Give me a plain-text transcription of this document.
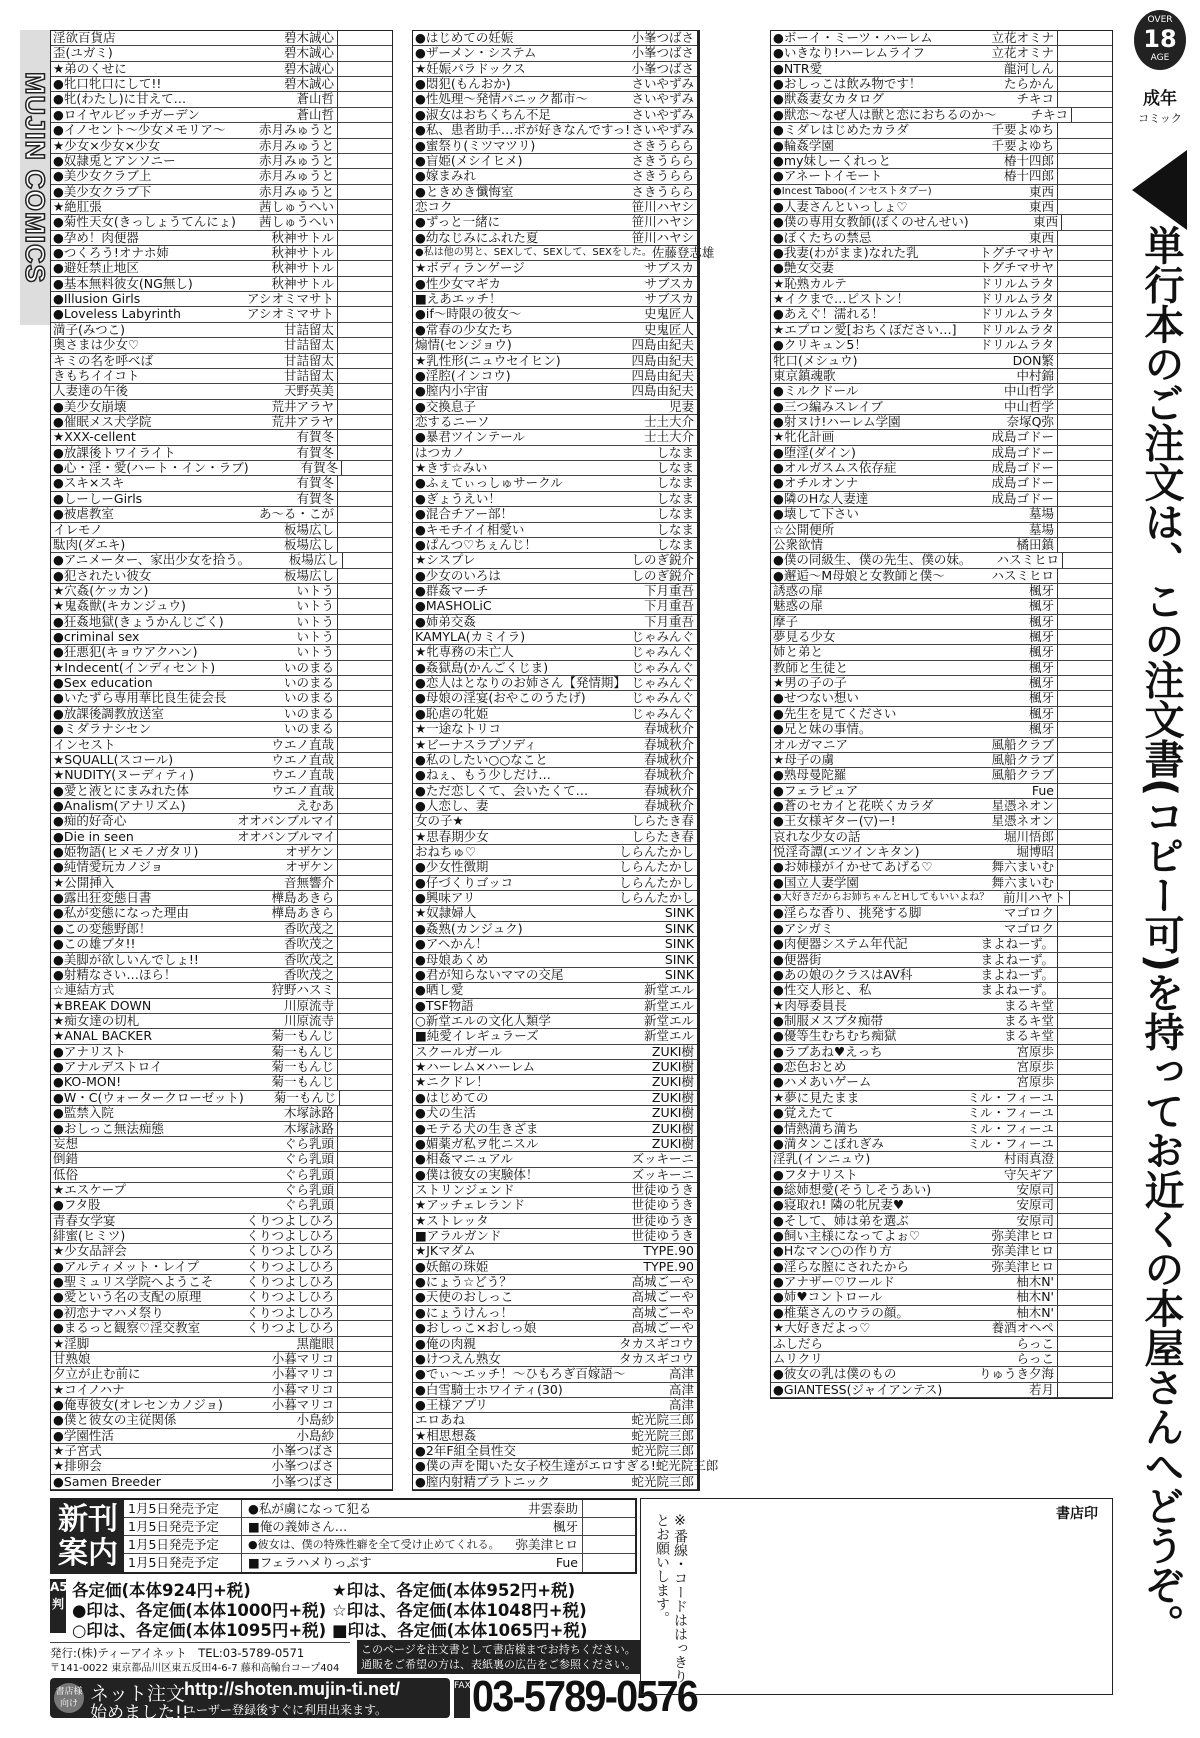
MUJIN COMICS
淫欲百貨店	碧木誠心
歪(ユガミ)	碧木誠心
★弟のくせに	碧木誠心
●牝口牝口にして!!	碧木誠心
●牝(わたし)に甘えて…	蒼山哲
●ロイヤルビッチガーデン	蒼山哲
●イノセント～少女メモリア～	赤月みゅうと
★少女×少女×少女	赤月みゅうと
●奴隷兎とアンソニー	赤月みゅうと
●美少女クラブ上	赤月みゅうと
●美少女クラブ下	赤月みゅうと
★絶肛張	茜しゅうへい
●菊性天女(きっしょうてんにょ)	茜しゅうへい
●孕め！肉便器	秋神サトル
●つくろう!オナホ姉	秋神サトル
●避妊禁止地区	秋神サトル
●基本無料彼女(NG無し)	秋神サトル
●Illusion Girls	アシオミマサト
●Loveless Labyrinth	アシオミマサト
満子(みつこ)	甘詰留太
奥さまは少女♡	甘詰留太
キミの名を呼べば	甘詰留太
きもちイイコト	甘詰留太
人妻達の午後	天野英美
●美少女崩壊	荒井アラヤ
●催眠メス犬学院	荒井アラヤ
★XXX-cellent	有賀冬
●放課後トワイライト	有賀冬
●心・淫・愛(ハート・イン・ラブ)	有賀冬
●スキ×スキ	有賀冬
●しーしーGirls	有賀冬
●被虐教室	あ～る・こが
イレモノ	板場広し
駄肉(ダエキ)	板場広し
●アニメーター、家出少女を拾う。	板場広し
●犯されたい彼女	板場広し
★穴姦(ケッカン)	いトう
★鬼姦獣(キカンジュウ)	いトう
●狂姦地獄(きょうかんじごく)	いトう
●criminal sex	いトう
●狂悪犯(キョウアクハン)	いトう
★Indecent(インディセント)	いのまる
●Sex education	いのまる
●いたずら専用華比良生徒会長	いのまる
●放課後調教放送室	いのまる
●ミダラナシセン	いのまる
インセスト	ウエノ直哉
★SQUALL(スコール)	ウエノ直哉
★NUDITY(ヌーディティ)	ウエノ直哉
●愛と液とにまみれた体	ウエノ直哉
●Analism(アナリズム)	えむあ
●痴的好奇心	オオバンブルマイ
●Die in seen	オオバンブルマイ
●姫物語(ヒメモノガタリ)	オザケン
●純情愛玩カノジョ	オザケン
★公開挿入	音無響介
●露出狂変態日書	樺島あきら
●私が変態になった理由	樺島あきら
●この変態野郎！	香吹茂之
●この雄ブタ!!	香吹茂之
●美脚が欲しいんでしょ!!	香吹茂之
●射精なさい…ほら！	香吹茂之
☆連結方式	狩野ハスミ
★BREAK DOWN	川原流寺
★痴女達の切札	川原流寺
★ANAL BACKER	菊一もんじ
●アナリスト	菊一もんじ
●アナルデストロイ	菊一もんじ
●KO-MON!	菊一もんじ
●W・C(ウォータークローゼット)	菊一もんじ
●監禁入院	木塚詠路
●おしっこ無法痴態	木塚詠路
妄想	ぐら乳頭
倒錯	ぐら乳頭
低俗	ぐら乳頭
★エスケープ	ぐら乳頭
●フタ股	ぐら乳頭
青春女学宴	くりつよしひろ
緋蜜(ヒミツ)	くりつよしひろ
★少女品評会	くりつよしひろ
●アルティメット・レイプ	くりつよしひろ
●聖ミュリス学院へようこそ	くりつよしひろ
●愛という名の支配の原理	くりつよしひろ
●初恋ナマハメ祭り	くりつよしひろ
●まるっと観察♡淫交教室	くりつよしひろ
★淫脚	黒龍眼
甘熟娘	小暮マリコ
夕立が止む前に	小暮マリコ
★コイノハナ	小暮マリコ
●俺専彼女(オレセンカノジョ)	小暮マリコ
●僕と彼女の主従関係	小島紗
●学園性活	小島紗
★子宮式	小峯つばさ
★排卵会	小峯つばさ
●Samen Breeder	小峯つばさ
●はじめての妊娠	小峯つばさ
●ザーメン・システム	小峯つばさ
★妊娠パラドックス	小峯つばさ
●悶犯(もんおか)	さいやずみ
●性処理～発情パニック都市～	さいやずみ
●淑女はおちくちん不足	さいやずみ
●私、患者助手…ポが好きなんですっ! さいやずみ
●蜜祭り(ミツマツリ)	さきうらら
●盲姫(メシイヒメ)	さきうらら
●嫁まみれ	さきうらら
●ときめき懺悔室	さきうらら
恋コク	笹川ハヤシ
●ずっと一緒に	笹川ハヤシ
●幼なじみにふれた夏	笹川ハヤシ
●私は他の男と、SEXして、SEXして、SEXをした。 佐藤登志雄
★ボディランゲージ	サブスカ
●性少女マギカ	サブスカ
■えあエッチ！	サブスカ
●if～時限の彼女～	史鬼匠人
●常春の少女たち	史鬼匠人
煽情(センジョウ)	四島由紀夫
★乳性形(ニュウセイヒン)	四島由紀夫
●淫腔(インコウ)	四島由紀夫
●膣内小宇宙	四島由紀夫
●交換息子	児妻
恋するニーソ	士土大介
●暴君ツインテール	士土大介
はつカノ	しなま
★きす☆みい	しなま
●ふぇてぃっしゅサークル	しなま
●ぎょうえい！	しなま
●混合チアー部！	しなま
●キモチイイ相愛い	しなま
●ぱんつ♡ちぇんじ！	しなま
★シスプレ	しのぎ鋭介
●少女のいろは	しのぎ鋭介
●群姦マーチ	下月重吾
●MASHOLiC	下月重吾
●姉弟交姦	下月重吾
KAMYLA(カミイラ)	じゃみんぐ
★牝専務の未亡人	じゃみんぐ
●姦獄島(かんごくじま)	じゃみんぐ
●恋人はとなりのお姉さん【発情期】 じゃみんぐ
●母娘の淫宴(おやこのうたげ)	じゃみんぐ
●恥虐の牝姫	じゃみんぐ
★一途なトリコ	春城秋介
★ビーナスラプソディ	春城秋介
●私のしたい○○なこと	春城秋介
●ねぇ、もう少しだけ…	春城秋介
●ただ恋しくて、会いたくて…	春城秋介
●人恋し、妻	春城秋介
女の子★	しらたき春
★思春期少女	しらたき春
おねちゅ♡	しらんたかし
●少女性徴期	しらんたかし
●仔づくりゴッコ	しらんたかし
●興味アリ	しらんたかし
★奴隷婦人	SINK
●姦熟(カンジュク)	SINK
●アヘかん！	SINK
●母娘あくめ	SINK
●君が知らないママの交尾	SINK
●晒し愛	新堂エル
●TSF物語	新堂エル
○新堂エルの文化人類学	新堂エル
■純愛イレギュラーズ	新堂エル
スクールガール	ZUKI樹
★ハーレム×ハーレム	ZUKI樹
★ニクドレ！	ZUKI樹
●はじめての	ZUKI樹
●犬の生活	ZUKI樹
●モテる犬の生きざま	ZUKI樹
●媚薬ガ私ヲ牝ニスル	ZUKI樹
●相姦マニュアル	ズッキーニ
●僕は彼女の実験体！	ズッキーニ
ストリンジェンド	世徒ゆうき
★アッチェレランド	世徒ゆうき
★ストレッタ	世徒ゆうき
■アラルガンド	世徒ゆうき
★JKマダム	TYPE.90
●妖館の珠姫	TYPE.90
●にょう☆どう？	高城ごーや
●天使のおしっこ	高城ごーや
●にょうけんっ！	高城ごーや
●おしっこ×おしっ娘	高城ごーや
●俺の肉親	タカスギコウ
●けつえん熟女	タカスギコウ
●でぃ～エッチ！～ひもろぎ百嫁語～	高津
●白雪騎士ホワイティ(30)	高津
●王様アプリ	高津
エロあね	蛇光院三郎
★相思想姦	蛇光院三郎
●2年F組全員性交	蛇光院三郎
●僕の声を聞いた女子校生達がエロすぎる! 蛇光院三郎
●膣内射精プラトニック	蛇光院三郎
●ボーイ・ミーツ・ハーレム	立花オミナ
●いきなり!ハーレムライフ	立花オミナ
●NTR愛	龍河しん
●おしっこは飲み物です！	たらかん
●獣姦妻女カタログ	チキコ
●獣恋～なぜ人は獣と恋におちるのか～	チキコ
●ミダレはじめたカラダ	千要よゆち
●輪姦学園	千要よゆち
●my妹しーくれっと	椿十四郎
●アネートイモート	椿十四郎
●Incest Taboo(インセストタブー)	東西
●人妻さんといっしょ♡	東西
●僕の専用女教師(ぼくのせんせい)	東西
●ぼくたちの禁忌	東西
●我妻(わがまま)なれた乳	トグチマサヤ
●艶女交妻	トグチマサヤ
★恥熟カルテ	ドリルムラタ
★イクまで…ピストン！	ドリルムラタ
●あえぐ！濡れる！	ドリルムラタ
★エプロン愛[おちくぼださい…]	ドリルムラタ
●クリキュン5！	ドリルムラタ
牝口(メシュウ)	DON繁
東京鎮魂歌	中村錦
●ミルクドール	中山哲学
●三つ編みスレイブ	中山哲学
●射ヌけ!ハーレム学園	奈塚Q弥
★牝化計画	成島ゴドー
●堕淫(ダイン)	成島ゴドー
●オルガスムス依存症	成島ゴドー
●オチルオンナ	成島ゴドー
●隣のHな人妻達	成島ゴドー
●壊して下さい	墓場
☆公開便所	墓場
公衆欲情	橘田鎮
●僕の同級生、僕の先生、僕の妹。	ハスミヒロ
●邂逅～M母娘と女教師と僕～	ハスミヒロ
誘惑の扉	楓牙
魅惑の扉	楓牙
摩子	楓牙
夢見る少女	楓牙
姉と弟と	楓牙
教師と生徒と	楓牙
★男の子の子	楓牙
●せつない想い	楓牙
●先生を見てください	楓牙
●兄と妹の事情。	楓牙
オルガマニア	風船クラブ
★母子の虜	風船クラブ
●熟母曼陀羅	風船クラブ
●フェラピュア	Fue
●蒼のセカイと花咲くカラダ	星憑ネオン
●王女様ギター(▽)ー!	星憑ネオン
哀れな少女の話	堀川悟郎
悦淫奇譚(エツインキタン)	堀博昭
●お姉様がイかせてあげる♡	舞六まいむ
●国立人妻学園	舞六まいむ
●大好きだからお姉ちゃんとHしてもいいよね？	前川ハヤト
●淫らな香り、挑発する脚	マゴロク
●アシガミ	マゴロク
●肉便器システム年代記	まよねーず。
●便器街	まよねーず。
●あの娘のクラスはAV科	まよねーず。
●性交人形と、私	まよねーず。
★肉辱委員長	まるキ堂
●制服メスブタ痴帯	まるキ堂
●優等生むちむち痴獄	まるキ堂
●ラブあね♥えっち	宮原歩
●恋色おとめ	宮原歩
●ハメあいゲーム	宮原歩
★夢に見たまま	ミル・フィーユ
●覚えたて	ミル・フィーユ
●情熱満ち満ち	ミル・フィーユ
●満タンこぼれぎみ	ミル・フィーユ
淫乳(インニュウ)	村雨真澄
●フタナリスト	守矢ギア
●総姉想愛(そうしそうあい)	安原司
●寝取れ! 隣の牝尻妻♥	安原司
●そして、姉は弟を選ぶ	安原司
●飼い主様になってよぉ♡	弥美津ヒロ
●Hなマン○の作り方	弥美津ヒロ
●淫らな膣にされたから	弥美津ヒロ
●アナザー♡ワールド	柚木N'
●姉♥コントロール	柚木N'
●椎葉さんのウラの顔。	柚木N'
★大好きだよっ♡	養酒オヘペ
ふしだら	らっこ
ムリクリ	らっこ
●彼女の乳は僕のもの	りゅうき夕海
●GIANTESS(ジャイアンテス)	若月
OVER
18
AGE
成年
コミック
単行本のご注文は、この注文書(コピー可)を持ってお近くの本屋さんへどうぞ。
新刊案内
1月5日発売予定	●私が虜になって犯る	井雲泰助
1月5日発売予定	■俺の義姉さん…	楓牙
1月5日発売予定	●彼女は、僕の特殊性癖を全て受け止めてくれる。	弥美津ヒロ
1月5日発売予定	■フェラハメりっぷす	Fue
A5判
各定価(本体924円+税)	★印は、各定価(本体952円+税)
●印は、各定価(本体1000円+税) ☆印は、各定価(本体1048円+税)
○印は、各定価(本体1095円+税) ■印は、各定価(本体1065円+税)
発行:(株)ティーアイネット　TEL:03-5789-0571
〒141-0022 東京都品川区東五反田4-6-7 藤和高輪台コープ404
このページを注文書として書店様までお持ちください。通販をご希望の方は、表紙裏の広告をご参照ください。
書店様向け ネット注文
始めました!!
http://shoten.mujin-ti.net/
ユーザー登録後すぐに利用出来ます。
FAX 03-5789-0576
書店印
※番線・コードははっきりとお願いします。
